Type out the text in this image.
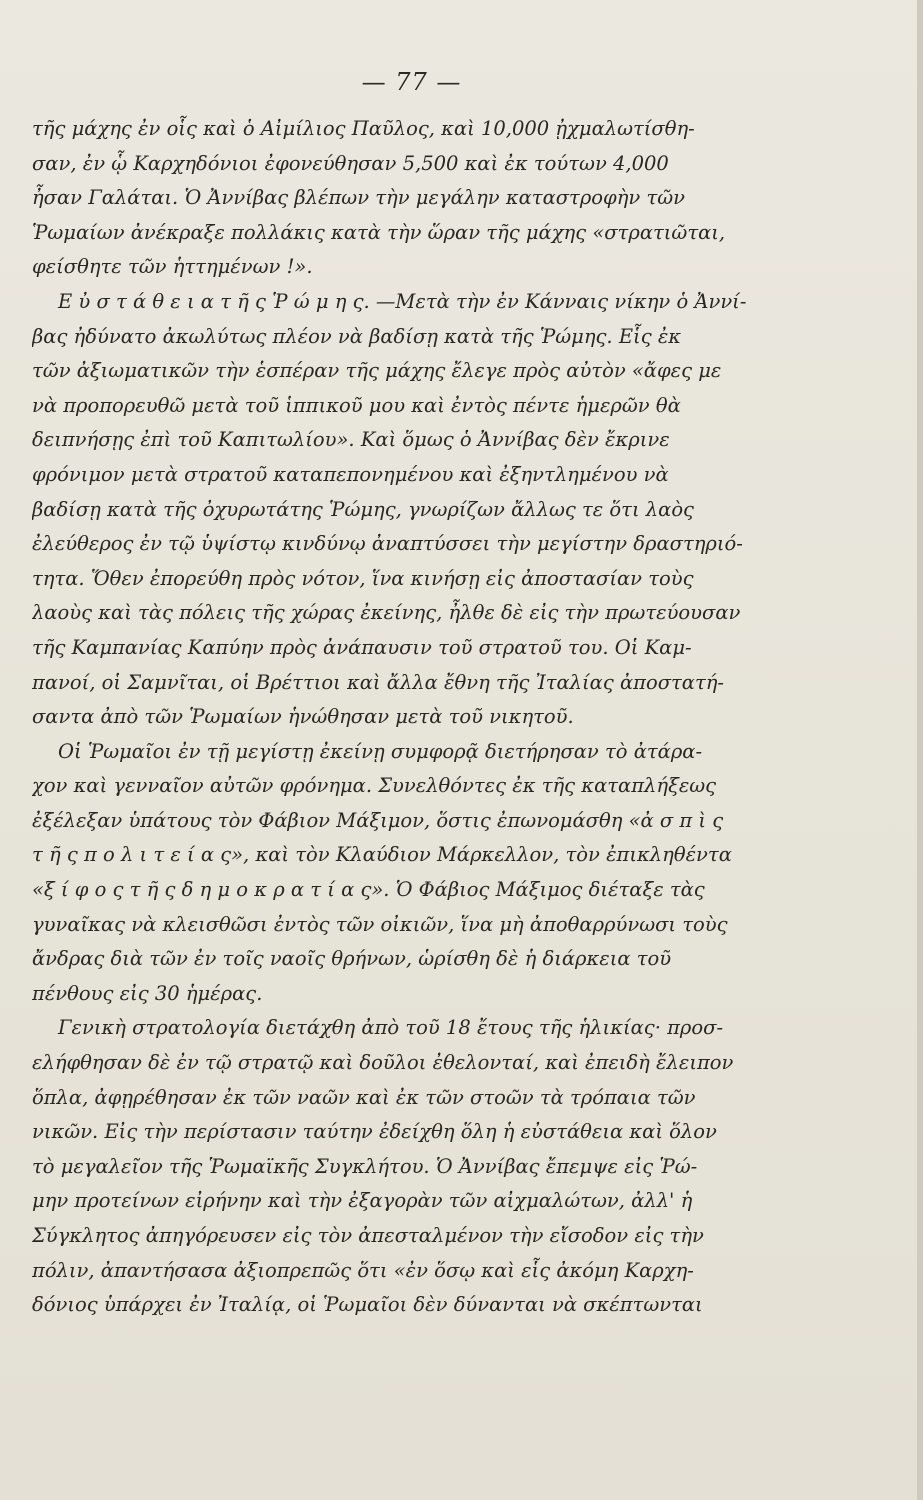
— 77 —
τῆς μάχης ἐν οἷς καὶ ὁ Αἰμίλιος Παῦλος, καὶ 10,000 ᾐχμαλωτίσθη-
σαν, ἐν ᾧ Καρχηδόνιοι ἐφονεύθησαν 5,500 καὶ ἐκ τούτων 4,000
ἦσαν Γαλάται. Ὁ Ἀννίβας βλέπων τὴν μεγάλην καταστροφὴν τῶν
Ῥωμαίων ἀνέκραξε πολλάκις κατὰ τὴν ὥραν τῆς μάχης «στρατιῶται,
φείσθητε τῶν ἡττημένων !».
Ε ὐ σ τ ά θ ε ι α τ ῆ ς Ῥ ώ μ η ς. —Μετὰ τὴν ἐν Κάνναις νίκην ὁ Ἀννί-
βας ἠδύνατο ἀκωλύτως πλέον νὰ βαδίσῃ κατὰ τῆς Ῥώμης. Εἷς ἐκ
τῶν ἀξιωματικῶν τὴν ἑσπέραν τῆς μάχης ἔλεγε πρὸς αὐτὸν «ἄφες με
νὰ προπορευθῶ μετὰ τοῦ ἱππικοῦ μου καὶ ἐντὸς πέντε ἡμερῶν θὰ
δειπνήσῃς ἐπὶ τοῦ Καπιτωλίου». Καὶ ὅμως ὁ Ἀννίβας δὲν ἔκρινε
φρόνιμον μετὰ στρατοῦ καταπεπονημένου καὶ ἐξηντλημένου νὰ
βαδίσῃ κατὰ τῆς ὀχυρωτάτης Ῥώμης, γνωρίζων ἄλλως τε ὅτι λαὸς
ἐλεύθερος ἐν τῷ ὑψίστῳ κινδύνῳ ἀναπτύσσει τὴν μεγίστην δραστηριό-
τητα. Ὅθεν ἐπορεύθη πρὸς νότον, ἵνα κινήσῃ εἰς ἀποστασίαν τοὺς
λαοὺς καὶ τὰς πόλεις τῆς χώρας ἐκείνης, ἦλθε δὲ εἰς τὴν πρωτεύουσαν
τῆς Καμπανίας Καπύην πρὸς ἀνάπαυσιν τοῦ στρατοῦ του. Οἱ Καμ-
πανοί, οἱ Σαμνῖται, οἱ Βρέττιοι καὶ ἄλλα ἔθνη τῆς Ἰταλίας ἀποστατή-
σαντα ἀπὸ τῶν Ῥωμαίων ἡνώθησαν μετὰ τοῦ νικητοῦ.
Οἱ Ῥωμαῖοι ἐν τῇ μεγίστῃ ἐκείνῃ συμφορᾷ διετήρησαν τὸ ἀτάρα-
χον καὶ γενναῖον αὐτῶν φρόνημα. Συνελθόντες ἐκ τῆς καταπλήξεως
ἐξέλεξαν ὑπάτους τὸν Φάβιον Μάξιμον, ὅστις ἐπωνομάσθη «ἀ σ π ὶ ς
τ ῆ ς π ο λ ι τ ε ί α ς», καὶ τὸν Κλαύδιον Μάρκελλον, τὸν ἐπικληθέντα
«ξ ί φ ο ς τ ῆ ς δ η μ ο κ ρ α τ ί α ς». Ὁ Φάβιος Μάξιμος διέταξε τὰς
γυναῖκας νὰ κλεισθῶσι ἐντὸς τῶν οἰκιῶν, ἵνα μὴ ἀποθαρρύνωσι τοὺς
ἄνδρας διὰ τῶν ἐν τοῖς ναοῖς θρήνων, ὡρίσθη δὲ ἡ διάρκεια τοῦ
πένθους εἰς 30 ἡμέρας.
Γενικὴ στρατολογία διετάχθη ἀπὸ τοῦ 18 ἔτους τῆς ἡλικίας· προσ-
ελήφθησαν δὲ ἐν τῷ στρατῷ καὶ δοῦλοι ἐθελονταί, καὶ ἐπειδὴ ἔλειπον
ὅπλα, ἀφῃρέθησαν ἐκ τῶν ναῶν καὶ ἐκ τῶν στοῶν τὰ τρόπαια τῶν
νικῶν. Εἰς τὴν περίστασιν ταύτην ἐδείχθη ὅλη ἡ εὐστάθεια καὶ ὅλον
τὸ μεγαλεῖον τῆς Ῥωμαϊκῆς Συγκλήτου. Ὁ Ἀννίβας ἔπεμψε εἰς Ῥώ-
μην προτείνων εἰρήνην καὶ τὴν ἐξαγορὰν τῶν αἰχμαλώτων, ἀλλ' ἡ
Σύγκλητος ἀπηγόρευσεν εἰς τὸν ἀπεσταλμένον τὴν εἴσοδον εἰς τὴν
πόλιν, ἀπαντήσασα ἀξιοπρεπῶς ὅτι «ἐν ὅσῳ καὶ εἷς ἀκόμη Καρχη-
δόνιος ὑπάρχει ἐν Ἰταλίᾳ, οἱ Ῥωμαῖοι δὲν δύνανται νὰ σκέπτωνται
